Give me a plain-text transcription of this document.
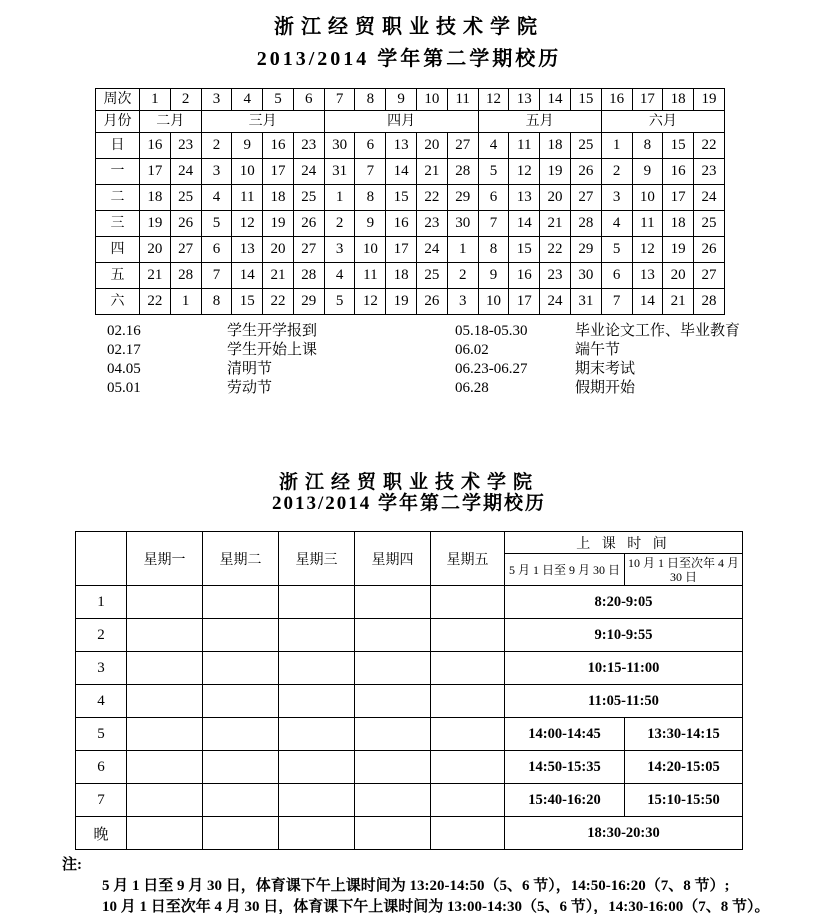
浙江经贸职业技术学院
2013/2014 学年第二学期校历
周次	1	2	3	4	5	6	7	8	9	10	11	12	13	14	15	16	17	18	19
月份	二月		三月				四月					五月				六月			
日	16	23	2	9	16	23	30	6	13	20	27	4	11	18	25	1	8	15	22
一	17	24	3	10	17	24	31	7	14	21	28	5	12	19	26	2	9	16	23
二	18	25	4	11	18	25	1	8	15	22	29	6	13	20	27	3	10	17	24
三	19	26	5	12	19	26	2	9	16	23	30	7	14	21	28	4	11	18	25
四	20	27	6	13	20	27	3	10	17	24	1	8	15	22	29	5	12	19	26
五	21	28	7	14	21	28	4	11	18	25	2	9	16	23	30	6	13	20	27
六	22	1	8	15	22	29	5	12	19	26	3	10	17	24	31	7	14	21	28
02.16	学生开学报到	05.18-05.30	毕业论文工作、毕业教育
02.17	学生开始上课	06.02	端午节
04.05	清明节	06.23-06.27	期末考试
05.01	劳动节	06.28	假期开始
浙江经贸职业技术学院
2013/2014 学年第二学期校历
	星期一	星期二	星期三	星期四	星期五	上 课 时 间	
						5 月 1 日至 9 月 30 日	10 月 1 日至次年 4 月 30 日
1						8:20-9:05	
2						9:10-9:55	
3						10:15-11:00	
4						11:05-11:50	
5						14:00-14:45	13:30-14:15
6						14:50-15:35	14:20-15:05
7						15:40-16:20	15:10-15:50
晚						18:30-20:30	
注:
5 月 1 日至 9 月 30 日，体育课下午上课时间为 13:20-14:50（5、6 节），14:50-16:20（7、8 节）;
10 月 1 日至次年 4 月 30 日，体育课下午上课时间为 13:00-14:30（5、6 节），14:30-16:00（7、8 节）。
